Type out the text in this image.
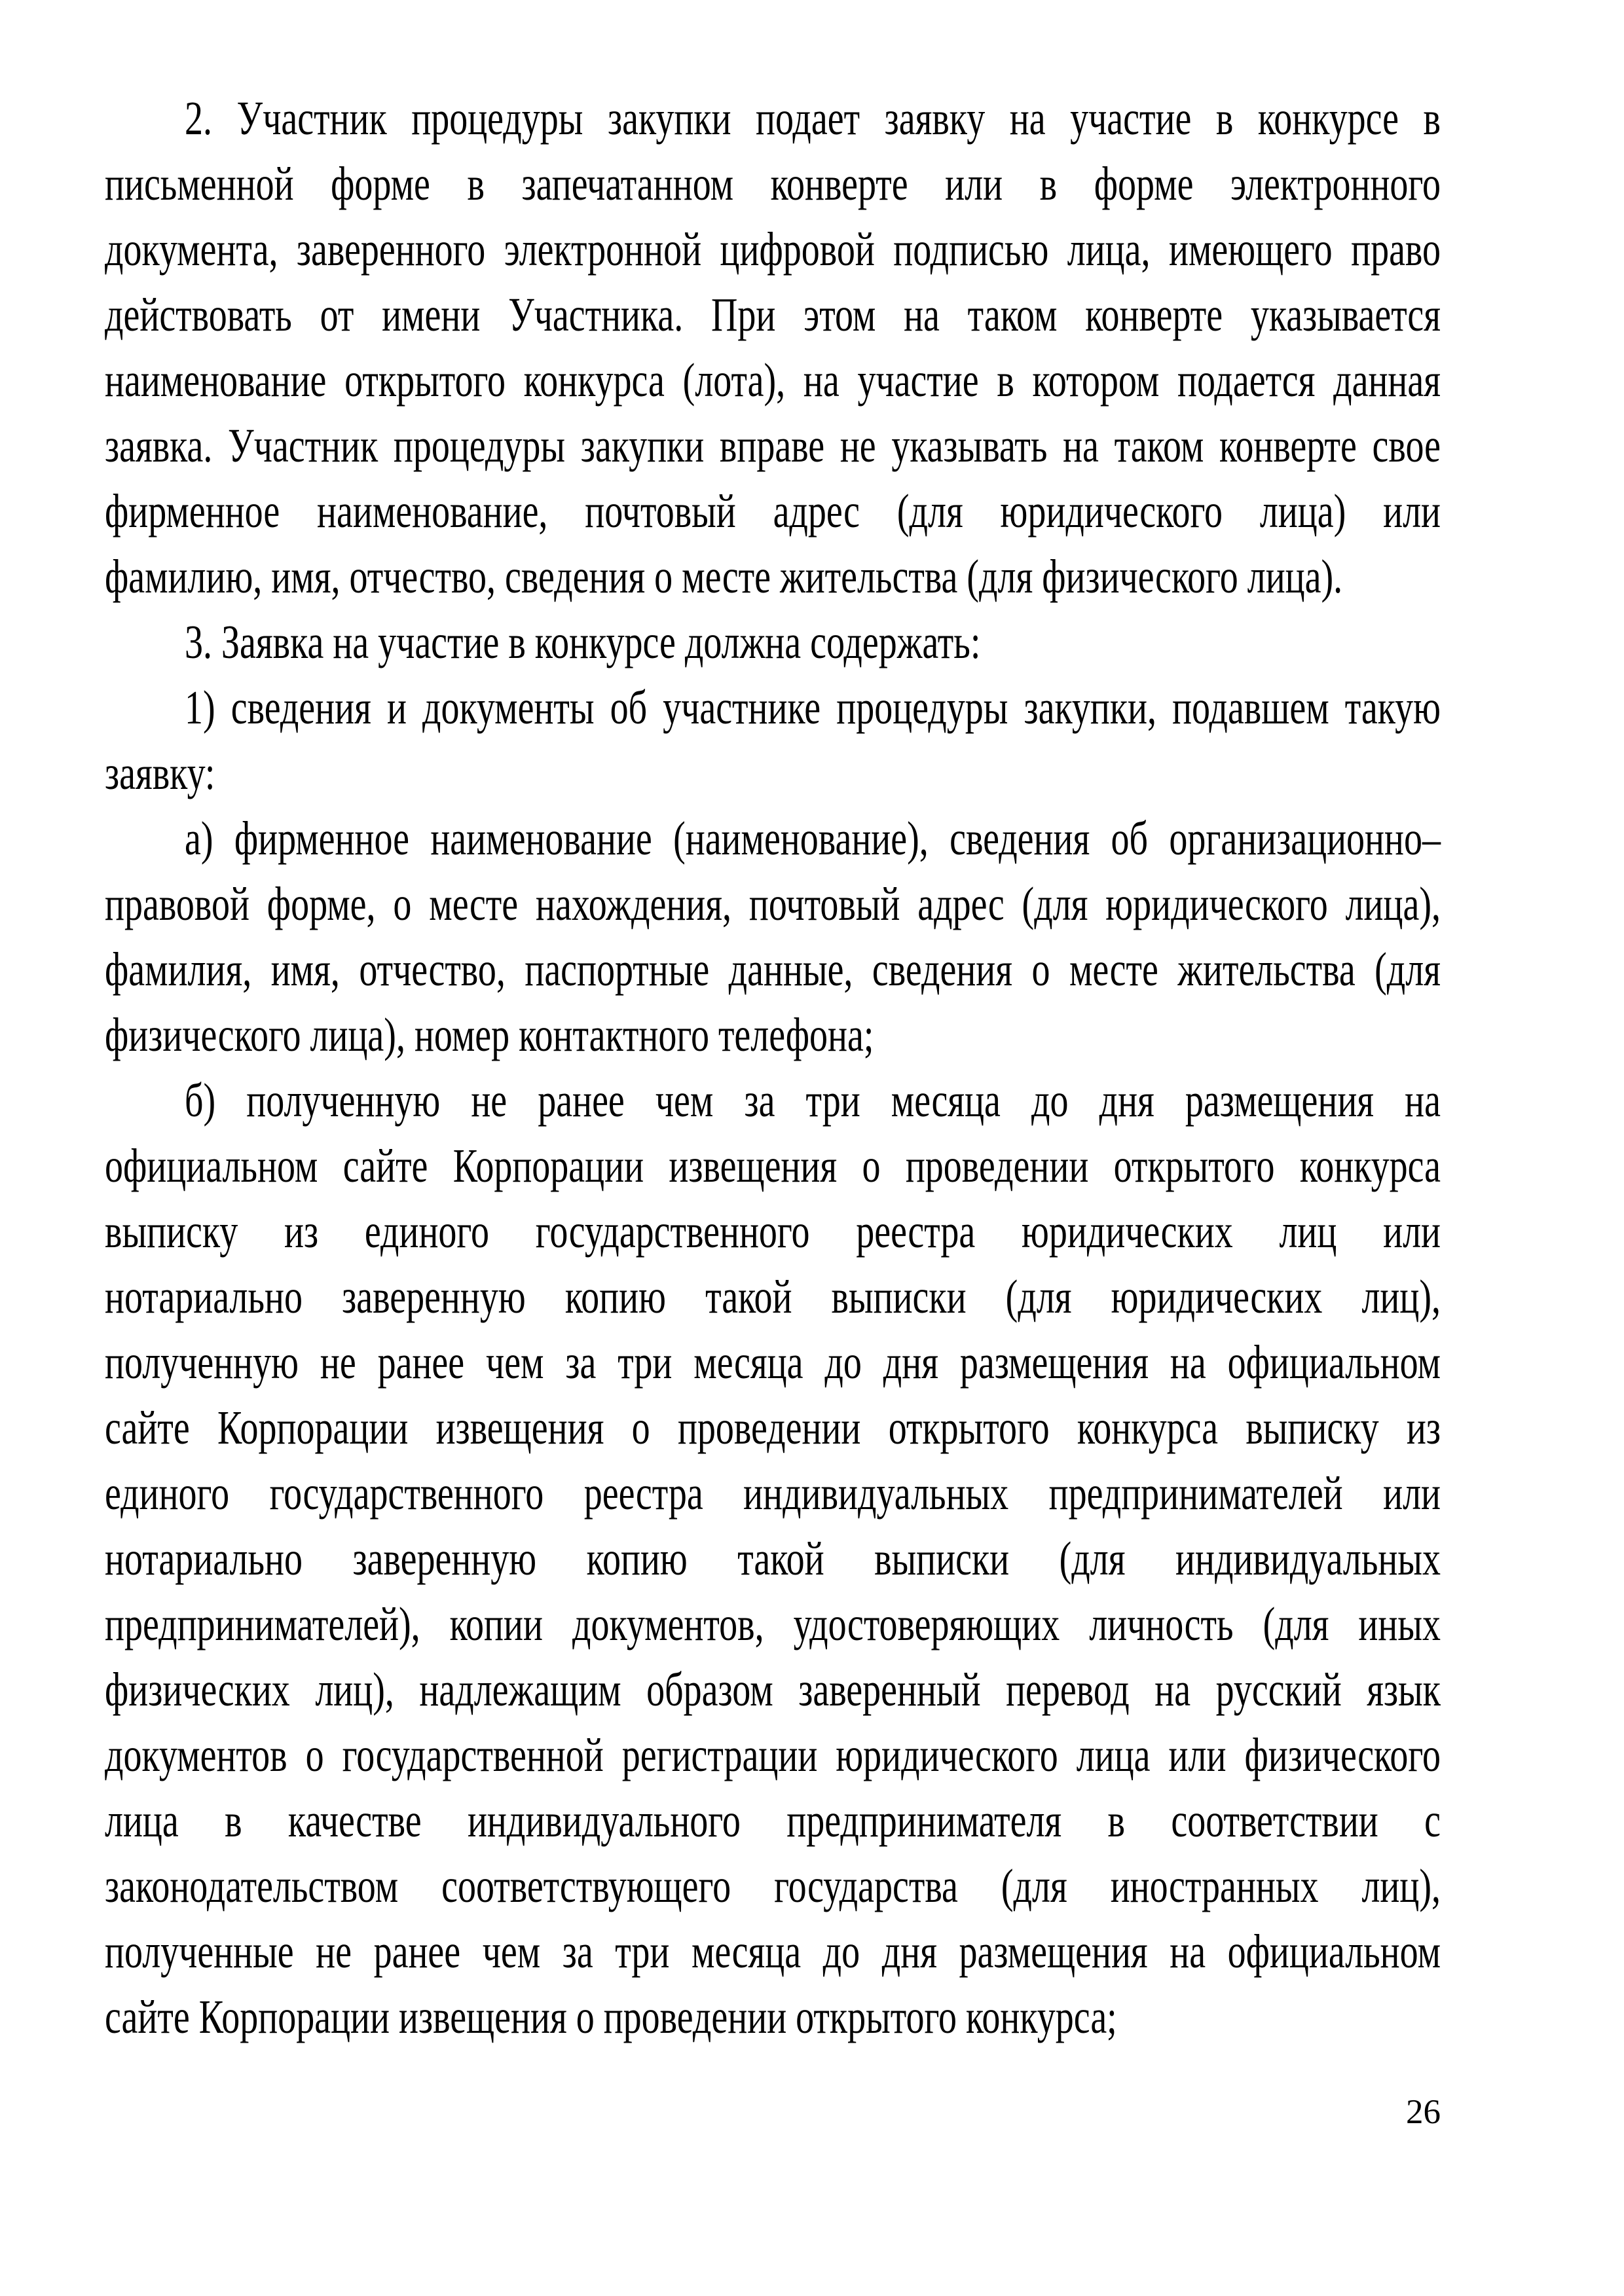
2. Участник процедуры закупки подает заявку на участие в конкурсе в
письменной форме в запечатанном конверте или в форме электронного
документа, заверенного электронной цифровой подписью лица, имеющего право
действовать от имени Участника. При этом на таком конверте указывается
наименование открытого конкурса (лота), на участие в котором подается данная
заявка. Участник процедуры закупки вправе не указывать на таком конверте свое
фирменное наименование, почтовый адрес (для юридического лица) или
фамилию, имя, отчество, сведения о месте жительства (для физического лица).
3. Заявка на участие в конкурсе должна содержать:
1) сведения и документы об участнике процедуры закупки, подавшем такую
заявку:
а) фирменное наименование (наименование), сведения об организационно–
правовой форме, о месте нахождения, почтовый адрес (для юридического лица),
фамилия, имя, отчество, паспортные данные, сведения о месте жительства (для
физического лица), номер контактного телефона;
б) полученную не ранее чем за три месяца до дня размещения на
официальном сайте Корпорации извещения о проведении открытого конкурса
выписку из единого государственного реестра юридических лиц или
нотариально заверенную копию такой выписки (для юридических лиц),
полученную не ранее чем за три месяца до дня размещения на официальном
сайте Корпорации извещения о проведении открытого конкурса выписку из
единого государственного реестра индивидуальных предпринимателей или
нотариально заверенную копию такой выписки (для индивидуальных
предпринимателей), копии документов, удостоверяющих личность (для иных
физических лиц), надлежащим образом заверенный перевод на русский язык
документов о государственной регистрации юридического лица или физического
лица в качестве индивидуального предпринимателя в соответствии с
законодательством соответствующего государства (для иностранных лиц),
полученные не ранее чем за три месяца до дня размещения на официальном
сайте Корпорации извещения о проведении открытого конкурса;
26
